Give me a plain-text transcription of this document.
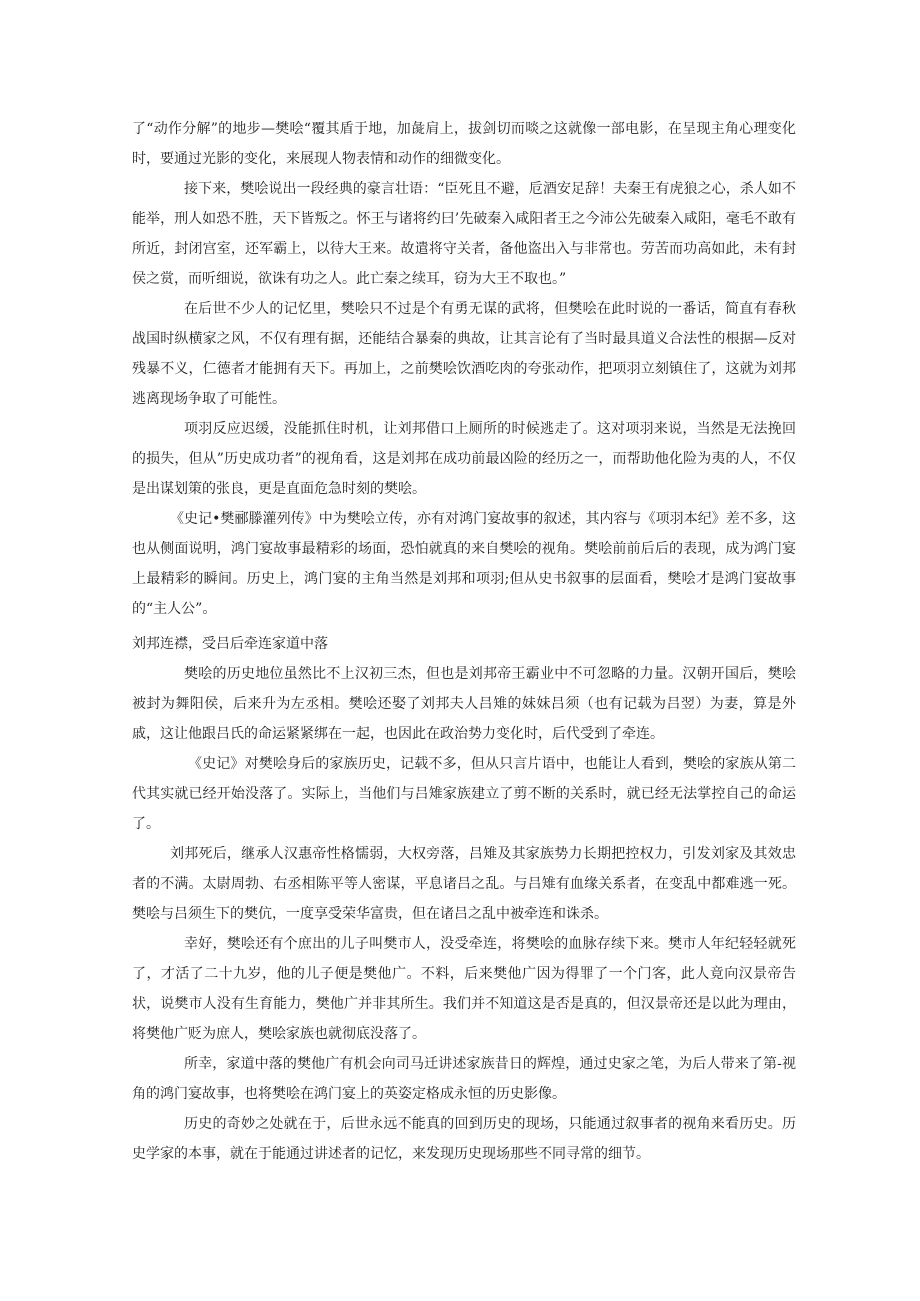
了“动作分解”的地步—樊哙“覆其盾于地，加彘肩上，拔剑切而啖之这就像一部电影，在呈现主角心理变化时，要通过光影的变化，来展现人物表情和动作的细微变化。

接下来，樊哙说出一段经典的豪言壮语：“臣死且不避，卮酒安足辞！夫秦王有虎狼之心，杀人如不能举，刑人如恐不胜，天下皆叛之。怀王与诸将约曰’先破秦入咸阳者王之今沛公先破秦入咸阳，毫毛不敢有所近，封闭宫室，还军霸上，以待大王来。故遣将守关者，备他盗出入与非常也。劳苦而功高如此，未有封侯之赏，而听细说，欲诛有功之人。此亡秦之续耳，窃为大王不取也。”

在后世不少人的记忆里，樊哙只不过是个有勇无谋的武将，但樊哙在此时说的一番话，简直有春秋战国时纵横家之风，不仅有理有据，还能结合暴秦的典故，让其言论有了当时最具道义合法性的根据—反对残暴不义，仁德者才能拥有天下。再加上，之前樊哙饮酒吃肉的夸张动作，把项羽立刻镇住了，这就为刘邦逃离现场争取了可能性。

项羽反应迟缓，没能抓住时机，让刘邦借口上厕所的时候逃走了。这对项羽来说，当然是无法挽回的损失，但从”历史成功者”的视角看，这是刘邦在成功前最凶险的经历之一，而帮助他化险为夷的人，不仅是出谋划策的张良，更是直面危急时刻的樊哙。

《史记•樊郦滕灌列传》中为樊哙立传，亦有对鸿门宴故事的叙述，其内容与《项羽本纪》差不多，这也从侧面说明，鸿门宴故事最精彩的场面，恐怕就真的来自樊哙的视角。樊哙前前后后的表现，成为鸿门宴上最精彩的瞬间。历史上，鸿门宴的主角当然是刘邦和项羽;但从史书叙事的层面看，樊哙才是鸿门宴故事的“主人公”。

刘邦连襟，受吕后牵连家道中落

樊哙的历史地位虽然比不上汉初三杰，但也是刘邦帝王霸业中不可忽略的力量。汉朝开国后，樊哙被封为舞阳侯，后来升为左丞相。樊哙还娶了刘邦夫人吕雉的妹妹吕须（也有记载为吕翌）为妻，算是外戚，这让他跟吕氏的命运紧紧绑在一起，也因此在政治势力变化时，后代受到了牵连。

《史记》对樊哙身后的家族历史，记载不多，但从只言片语中，也能让人看到，樊哙的家族从第二代其实就已经开始没落了。实际上，当他们与吕雉家族建立了剪不断的关系时，就已经无法掌控自己的命运了。

刘邦死后，继承人汉惠帝性格懦弱，大权旁落，吕雉及其家族势力长期把控权力，引发刘家及其效忠者的不满。太尉周勃、右丞相陈平等人密谋，平息诸吕之乱。与吕雉有血缘关系者，在变乱中都难逃一死。樊哙与吕须生下的樊伉，一度享受荣华富贵，但在诸吕之乱中被牵连和诛杀。

幸好，樊哙还有个庶出的儿子叫樊市人，没受牵连，将樊哙的血脉存续下来。樊市人年纪轻轻就死了，才活了二十九岁，他的儿子便是樊他广。不料，后来樊他广因为得罪了一个门客，此人竟向汉景帝告状，说樊市人没有生育能力，樊他广并非其所生。我们并不知道这是否是真的，但汉景帝还是以此为理由，将樊他广贬为庶人，樊哙家族也就彻底没落了。

所幸，家道中落的樊他广有机会向司马迁讲述家族昔日的辉煌，通过史家之笔，为后人带来了第-视角的鸿门宴故事，也将樊哙在鸿门宴上的英姿定格成永恒的历史影像。

历史的奇妙之处就在于，后世永远不能真的回到历史的现场，只能通过叙事者的视角来看历史。历史学家的本事，就在于能通过讲述者的记忆，来发现历史现场那些不同寻常的细节。
